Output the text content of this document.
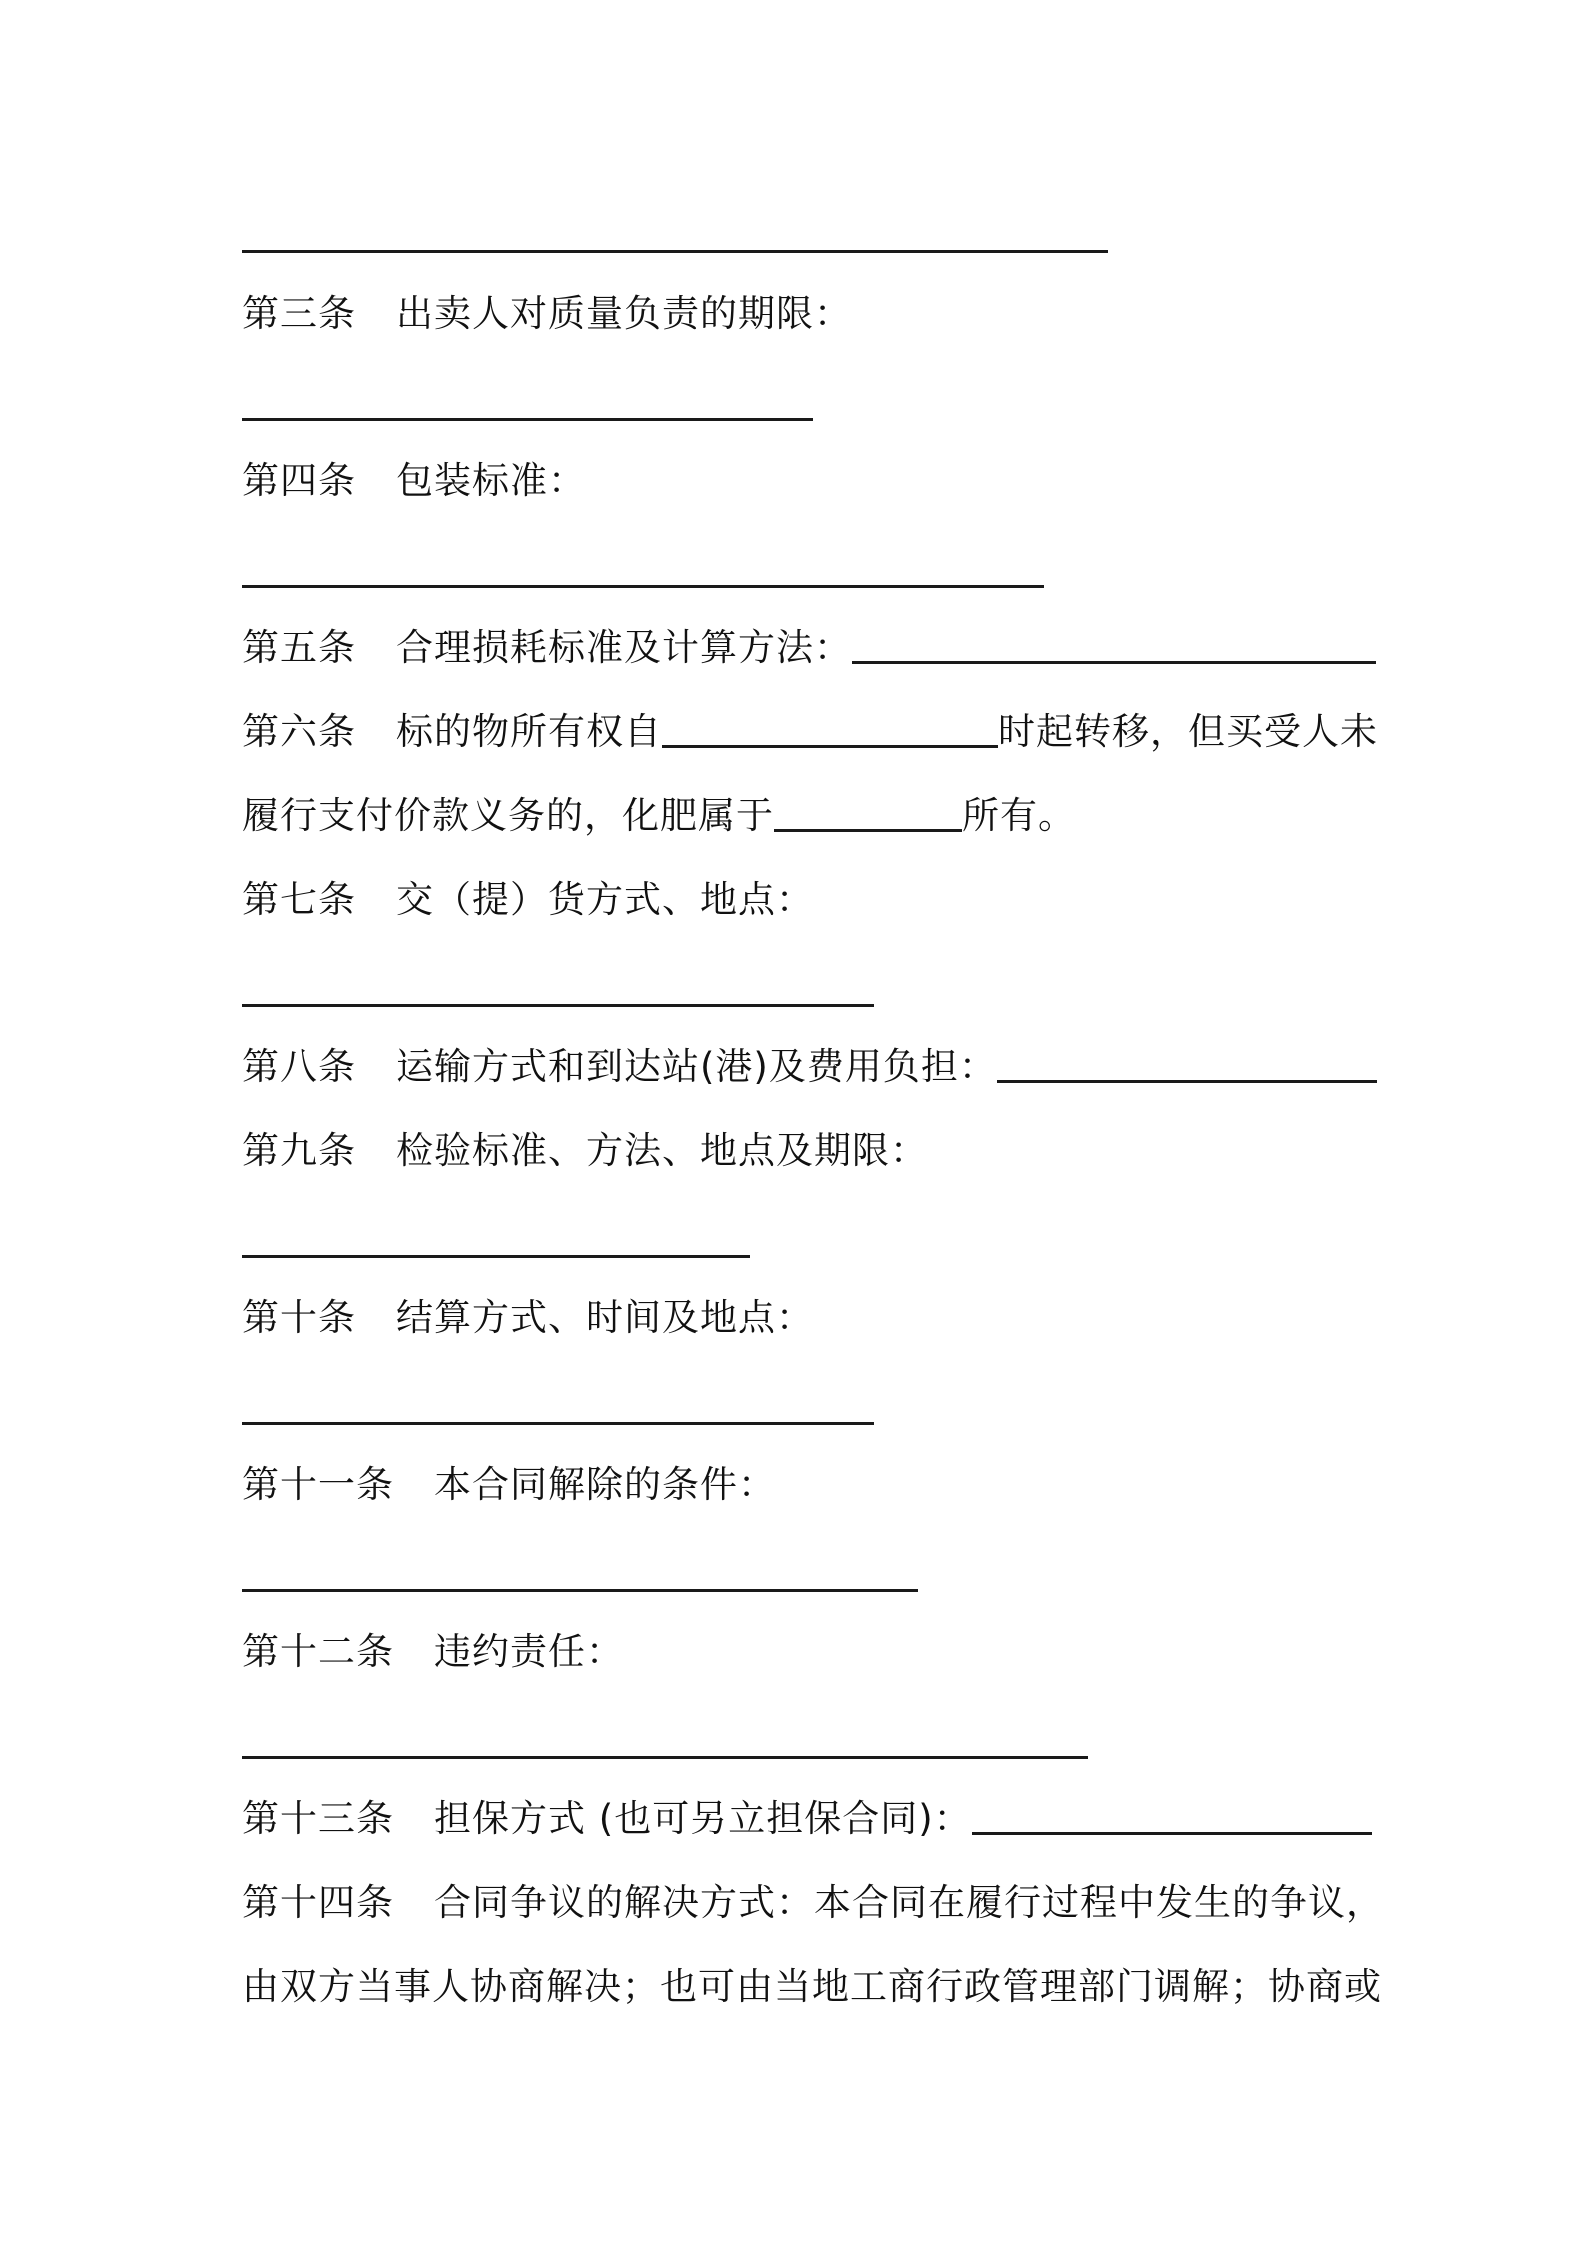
第三条 出卖人对质量负责的期限：
第四条 包装标准：
第五条 合理损耗标准及计算方法：
第六条 标的物所有权自	时起转移，但买受人未
履行支付价款义务的，化肥属于	所有。
第七条 交（提）货方式、地点：
第八条 运输方式和到达站(港)及费用负担：
第九条 检验标准、方法、地点及期限：
第十条 结算方式、时间及地点：
第十一条 本合同解除的条件：
第十二条 违约责任：
第十三条 担保方式 (也可另立担保合同)：
第十四条 合同争议的解决方式：本合同在履行过程中发生的争议，
由双方当事人协商解决；也可由当地工商行政管理部门调解；协商或
